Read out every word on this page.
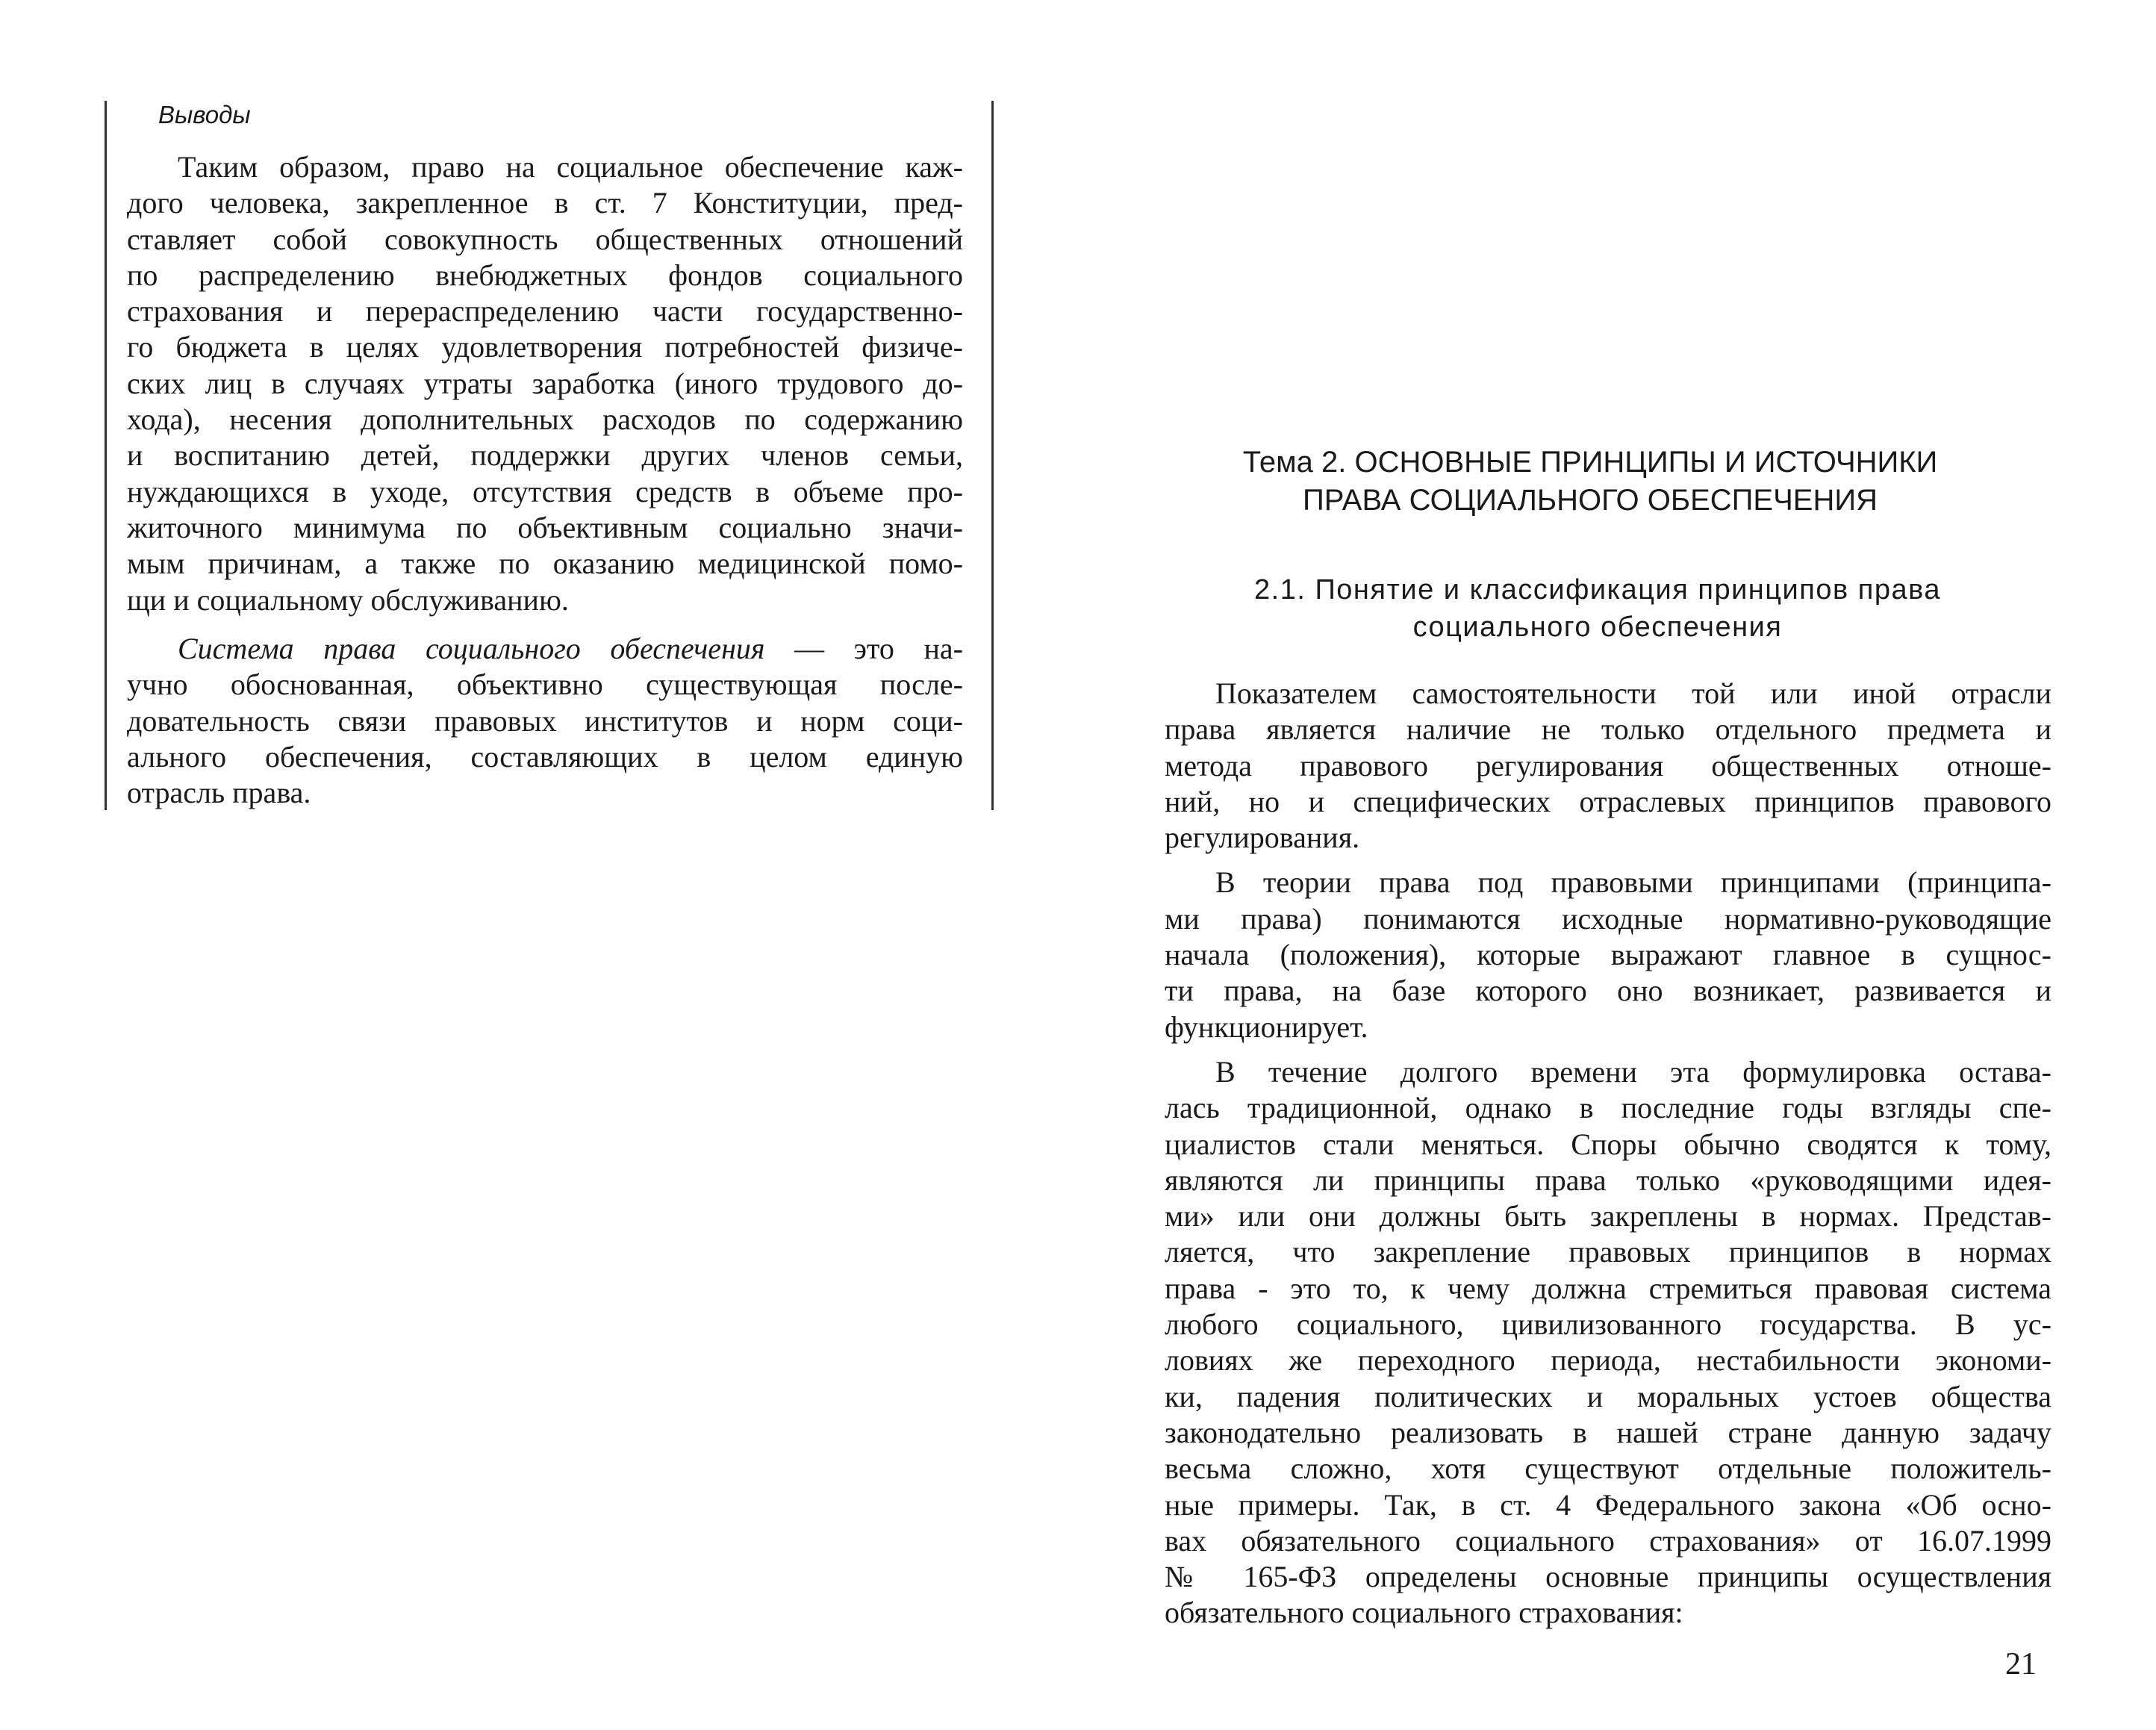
Выводы
Таким образом, право на социальное обеспечение каж-
дого человека, закрепленное в ст. 7 Конституции, пред-
ставляет собой совокупность общественных отношений
по распределению внебюджетных фондов социального
страхования и перераспределению части государственно-
го бюджета в целях удовлетворения потребностей физиче-
ских лиц в случаях утраты заработка (иного трудового до-
хода), несения дополнительных расходов по содержанию
и воспитанию детей, поддержки других членов семьи,
нуждающихся в уходе, отсутствия средств в объеме про-
житочного минимума по объективным социально значи-
мым причинам, а также по оказанию медицинской помо-
щи и социальному обслуживанию.
Система права социального обеспечения — это на-
учно обоснованная, объективно существующая после-
довательность связи правовых институтов и норм соци-
ального обеспечения, составляющих в целом единую
отрасль права.
Тема 2. ОСНОВНЫЕ ПРИНЦИПЫ И ИСТОЧНИКИ
ПРАВА СОЦИАЛЬНОГО ОБЕСПЕЧЕНИЯ
2.1. Понятие и классификация принципов права
социального обеспечения
Показателем самостоятельности той или иной отрасли
права является наличие не только отдельного предмета и
метода правового регулирования общественных отноше-
ний, но и специфических отраслевых принципов правового
регулирования.
В теории права под правовыми принципами (принципа-
ми права) понимаются исходные нормативно-руководящие
начала (положения), которые выражают главное в сущнос-
ти права, на базе которого оно возникает, развивается и
функционирует.
В течение долгого времени эта формулировка остава-
лась традиционной, однако в последние годы взгляды спе-
циалистов стали меняться. Споры обычно сводятся к тому,
являются ли принципы права только «руководящими идея-
ми» или они должны быть закреплены в нормах. Представ-
ляется, что закрепление правовых принципов в нормах
права - это то, к чему должна стремиться правовая система
любого социального, цивилизованного государства. В ус-
ловиях же переходного периода, нестабильности экономи-
ки, падения политических и моральных устоев общества
законодательно реализовать в нашей стране данную задачу
весьма сложно, хотя существуют отдельные положитель-
ные примеры. Так, в ст. 4 Федерального закона «Об осно-
вах обязательного социального страхования» от 16.07.1999
№ 165-ФЗ определены основные принципы осуществления
обязательного социального страхования:
21
